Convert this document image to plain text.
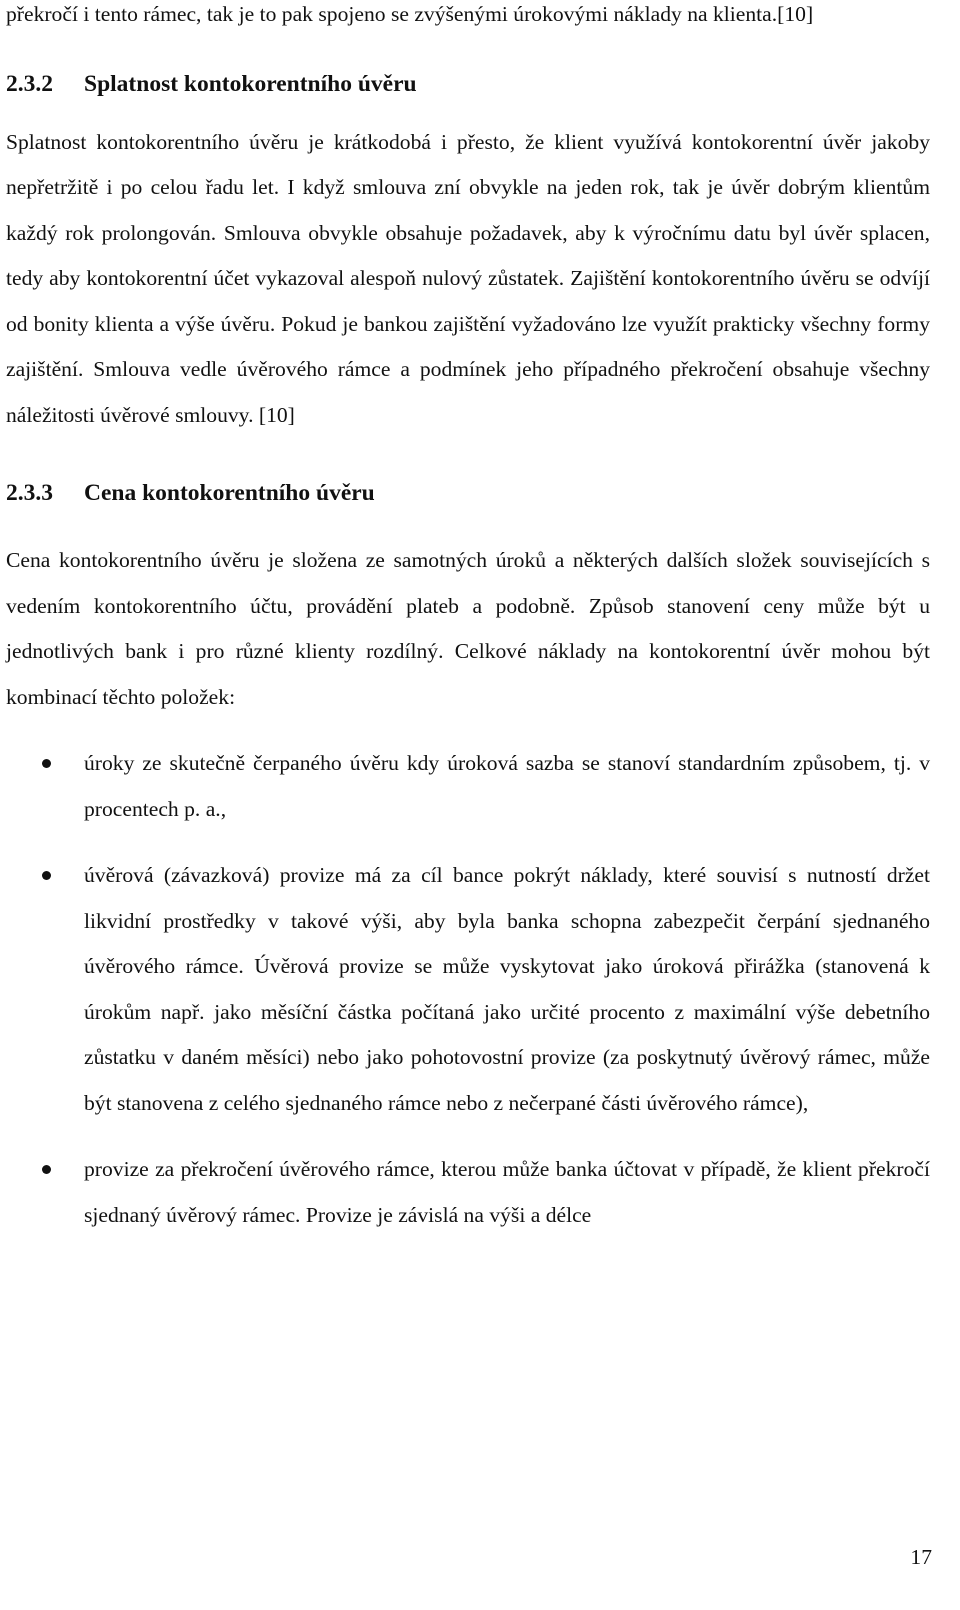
překročí i tento rámec, tak je to pak spojeno se zvýšenými úrokovými náklady na klienta.[10]

2.3.2 Splatnost kontokorentního úvěru

Splatnost kontokorentního úvěru je krátkodobá i přesto, že klient využívá kontokorentní úvěr jakoby nepřetržitě i po celou řadu let. I když smlouva zní obvykle na jeden rok, tak je úvěr dobrým klientům každý rok prolongován. Smlouva obvykle obsahuje požadavek, aby k výročnímu datu byl úvěr splacen, tedy aby kontokorentní účet vykazoval alespoň nulový zůstatek. Zajištění kontokorentního úvěru se odvíjí od bonity klienta a výše úvěru. Pokud je bankou zajištění vyžadováno lze využít prakticky všechny formy zajištění. Smlouva vedle úvěrového rámce a podmínek jeho případného překročení obsahuje všechny náležitosti úvěrové smlouvy. [10]

2.3.3 Cena kontokorentního úvěru

Cena kontokorentního úvěru je složena ze samotných úroků a některých dalších složek souvisejících s vedením kontokorentního účtu, provádění plateb a podobně. Způsob stanovení ceny může být u jednotlivých bank i pro různé klienty rozdílný. Celkové náklady na kontokorentní úvěr mohou být kombinací těchto položek:

úroky ze skutečně čerpaného úvěru kdy úroková sazba se stanoví standardním způsobem, tj. v procentech p. a.,
úvěrová (závazková) provize má za cíl bance pokrýt náklady, které souvisí s nutností držet likvidní prostředky v takové výši, aby byla banka schopna zabezpečit čerpání sjednaného úvěrového rámce. Úvěrová provize se může vyskytovat jako úroková přirážka (stanovená k úrokům např. jako měsíční částka počítaná jako určité procento z maximální výše debetního zůstatku v daném měsíci) nebo jako pohotovostní provize (za poskytnutý úvěrový rámec, může být stanovena z celého sjednaného rámce nebo z nečerpané části úvěrového rámce),
provize za překročení úvěrového rámce, kterou může banka účtovat v případě, že klient překročí sjednaný úvěrový rámec. Provize je závislá na výši a délce
17
